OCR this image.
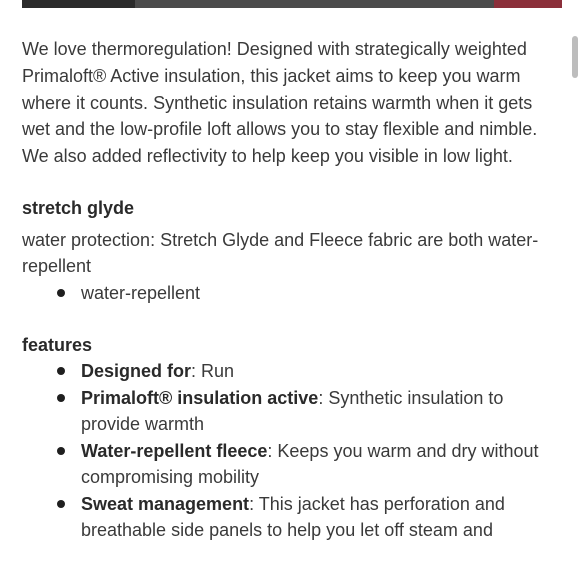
We love thermoregulation! Designed with strategically weighted Primaloft® Active insulation, this jacket aims to keep you warm where it counts. Synthetic insulation retains warmth when it gets wet and the low-profile loft allows you to stay flexible and nimble. We also added reflectivity to help keep you visible in low light.

stretch glyde

water protection: Stretch Glyde and Fleece fabric are both water-repellent

water-repellent
features
Designed for: Run
Primaloft® insulation active: Synthetic insulation to provide warmth
Water-repellent fleece: Keeps you warm and dry without compromising mobility
Sweat management: This jacket has perforation and breathable side panels to help you let off steam and
